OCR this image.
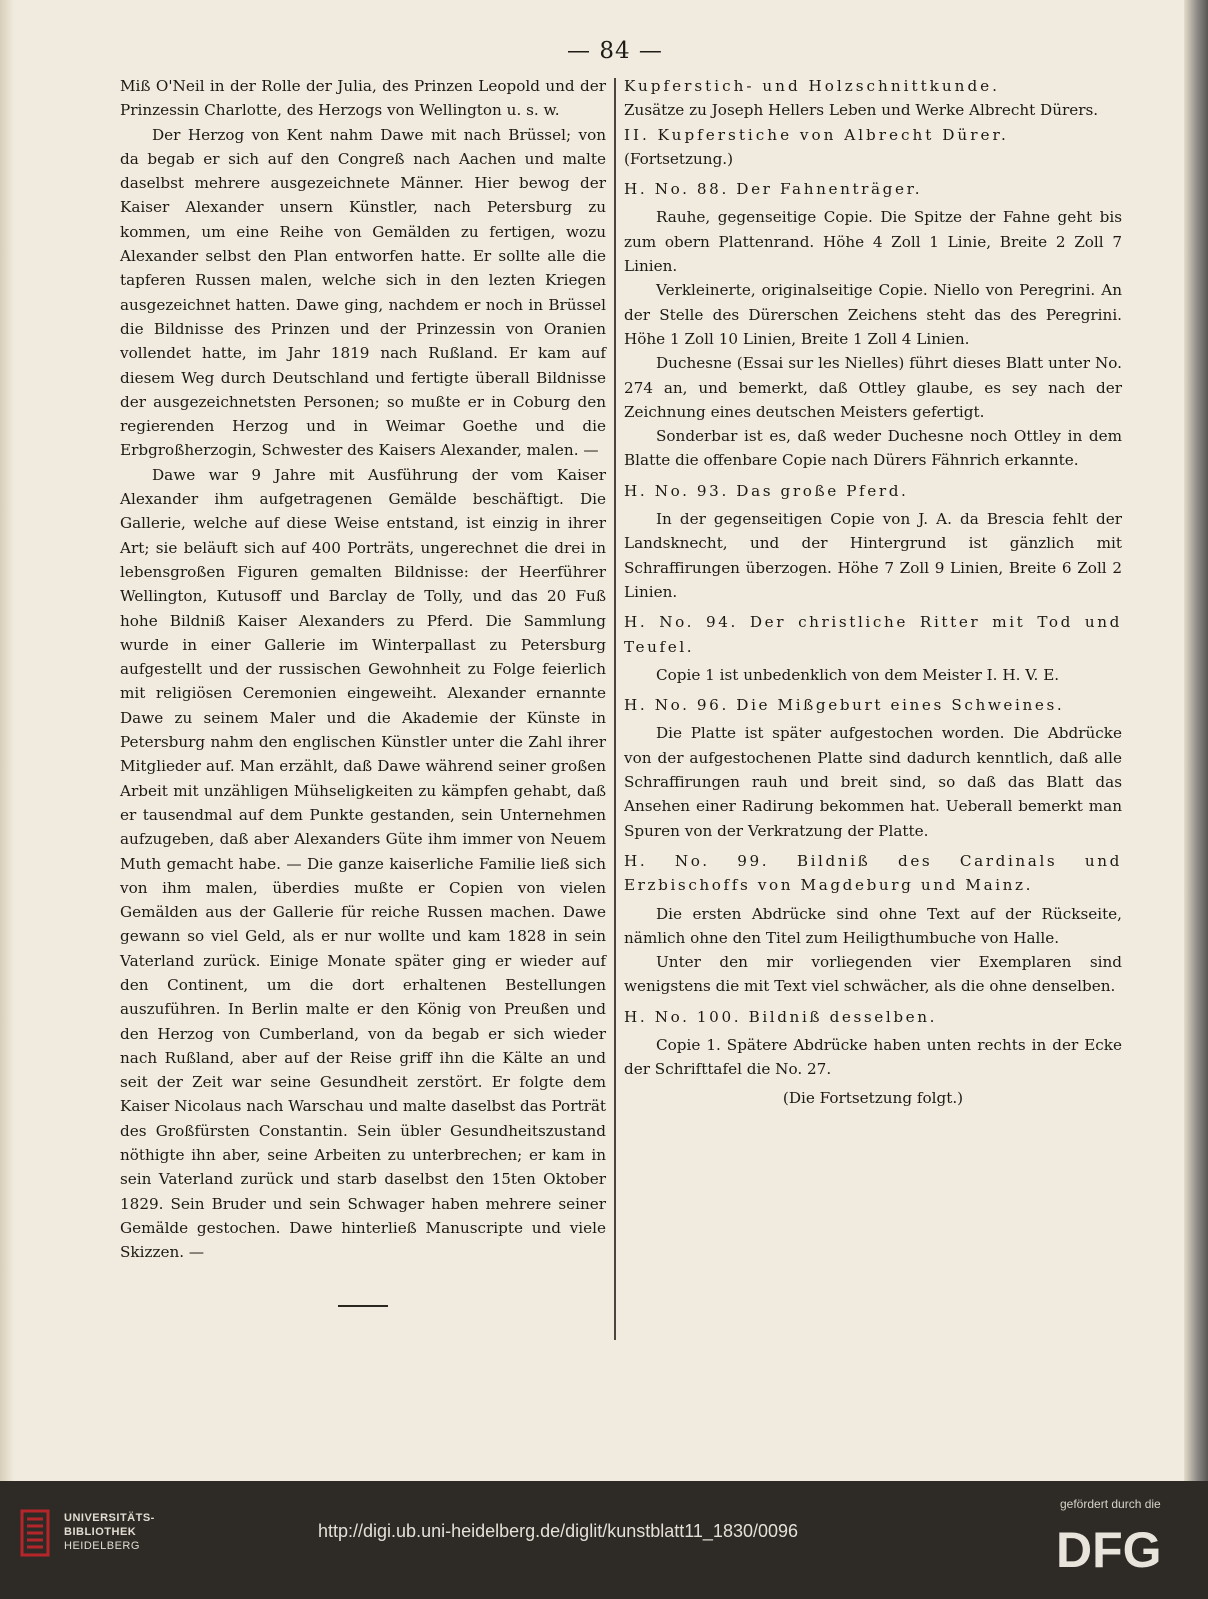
— 84 —

Miß O'Neil in der Rolle der Julia, des Prinzen Leopold und der Prinzessin Charlotte, des Herzogs von Wellington u. s. w.

Der Herzog von Kent nahm Dawe mit nach Brüssel; von da begab er sich auf den Congreß nach Aachen und malte daselbst mehrere ausgezeichnete Männer. Hier bewog der Kaiser Alexander unsern Künstler, nach Petersburg zu kommen, um eine Reihe von Gemälden zu fertigen, wozu Alexander selbst den Plan entworfen hatte. Er sollte alle die tapferen Russen malen, welche sich in den lezten Kriegen ausgezeichnet hatten. Dawe ging, nachdem er noch in Brüssel die Bildnisse des Prinzen und der Prinzessin von Oranien vollendet hatte, im Jahr 1819 nach Rußland. Er kam auf diesem Weg durch Deutschland und fertigte überall Bildnisse der ausgezeichnetsten Personen; so mußte er in Coburg den regierenden Herzog und in Weimar Goethe und die Erbgroßherzogin, Schwester des Kaisers Alexander, malen. —

Dawe war 9 Jahre mit Ausführung der vom Kaiser Alexander ihm aufgetragenen Gemälde beschäftigt. Die Gallerie, welche auf diese Weise entstand, ist einzig in ihrer Art; sie beläuft sich auf 400 Porträts, ungerechnet die drei in lebensgroßen Figuren gemalten Bildnisse: der Heerführer Wellington, Kutusoff und Barclay de Tolly, und das 20 Fuß hohe Bildniß Kaiser Alexanders zu Pferd. Die Sammlung wurde in einer Gallerie im Winterpallast zu Petersburg aufgestellt und der russischen Gewohnheit zu Folge feierlich mit religiösen Ceremonien eingeweiht. Alexander ernannte Dawe zu seinem Maler und die Akademie der Künste in Petersburg nahm den englischen Künstler unter die Zahl ihrer Mitglieder auf. Man erzählt, daß Dawe während seiner großen Arbeit mit unzähligen Mühseligkeiten zu kämpfen gehabt, daß er tausendmal auf dem Punkte gestanden, sein Unternehmen aufzugeben, daß aber Alexanders Güte ihm immer von Neuem Muth gemacht habe. — Die ganze kaiserliche Familie ließ sich von ihm malen, überdies mußte er Copien von vielen Gemälden aus der Gallerie für reiche Russen machen. Dawe gewann so viel Geld, als er nur wollte und kam 1828 in sein Vaterland zurück. Einige Monate später ging er wieder auf den Continent, um die dort erhaltenen Bestellungen auszuführen. In Berlin malte er den König von Preußen und den Herzog von Cumberland, von da begab er sich wieder nach Rußland, aber auf der Reise griff ihn die Kälte an und seit der Zeit war seine Gesundheit zerstört. Er folgte dem Kaiser Nicolaus nach Warschau und malte daselbst das Porträt des Großfürsten Constantin. Sein übler Gesundheitszustand nöthigte ihn aber, seine Arbeiten zu unterbrechen; er kam in sein Vaterland zurück und starb daselbst den 15ten Oktober 1829. Sein Bruder und sein Schwager haben mehrere seiner Gemälde gestochen. Dawe hinterließ Manuscripte und viele Skizzen. —

Kupferstich- und Holzschnittkunde.

Zusätze zu Joseph Hellers Leben und Werke Albrecht Dürers.

II. Kupferstiche von Albrecht Dürer.

(Fortsetzung.)

H. No. 88. Der Fahnenträger.

Rauhe, gegenseitige Copie. Die Spitze der Fahne geht bis zum obern Plattenrand. Höhe 4 Zoll 1 Linie, Breite 2 Zoll 7 Linien.

Verkleinerte, originalseitige Copie. Niello von Peregrini. An der Stelle des Dürerschen Zeichens steht das des Peregrini. Höhe 1 Zoll 10 Linien, Breite 1 Zoll 4 Linien.

Duchesne (Essai sur les Nielles) führt dieses Blatt unter No. 274 an, und bemerkt, daß Ottley glaube, es sey nach der Zeichnung eines deutschen Meisters gefertigt.

Sonderbar ist es, daß weder Duchesne noch Ottley in dem Blatte die offenbare Copie nach Dürers Fähnrich erkannte.

H. No. 93. Das große Pferd.

In der gegenseitigen Copie von J. A. da Brescia fehlt der Landsknecht, und der Hintergrund ist gänzlich mit Schraffirungen überzogen. Höhe 7 Zoll 9 Linien, Breite 6 Zoll 2 Linien.

H. No. 94. Der christliche Ritter mit Tod und Teufel.

Copie 1 ist unbedenklich von dem Meister I. H. V. E.

H. No. 96. Die Mißgeburt eines Schweines.

Die Platte ist später aufgestochen worden. Die Abdrücke von der aufgestochenen Platte sind dadurch kenntlich, daß alle Schraffirungen rauh und breit sind, so daß das Blatt das Ansehen einer Radirung bekommen hat. Ueberall bemerkt man Spuren von der Verkratzung der Platte.

H. No. 99. Bildniß des Cardinals und Erzbischoffs von Magdeburg und Mainz.

Die ersten Abdrücke sind ohne Text auf der Rückseite, nämlich ohne den Titel zum Heiligthumbuche von Halle.

Unter den mir vorliegenden vier Exemplaren sind wenigstens die mit Text viel schwächer, als die ohne denselben.

H. No. 100. Bildniß desselben.

Copie 1. Spätere Abdrücke haben unten rechts in der Ecke der Schrifttafel die No. 27.

(Die Fortsetzung folgt.)

UNIVERSITÄTS-
BIBLIOTHEK
HEIDELBERG
http://digi.ub.uni-heidelberg.de/diglit/kunstblatt11_1830/0096
gefördert durch die
DFG
